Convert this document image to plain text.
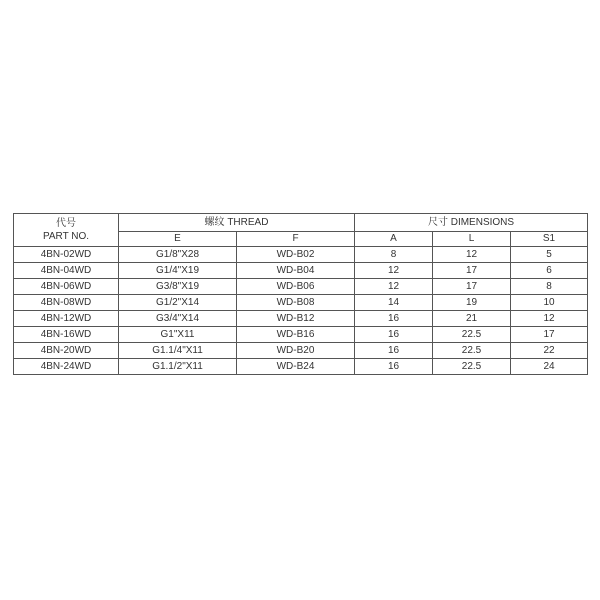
代号
PART NO.	螺纹 THREAD		尺寸 DIMENSIONS		
	E	F	A	L	S1
4BN-02WD	G1/8"X28	WD-B02	8	12	5
4BN-04WD	G1/4"X19	WD-B04	12	17	6
4BN-06WD	G3/8"X19	WD-B06	12	17	8
4BN-08WD	G1/2"X14	WD-B08	14	19	10
4BN-12WD	G3/4"X14	WD-B12	16	21	12
4BN-16WD	G1"X11	WD-B16	16	22.5	17
4BN-20WD	G1.1/4"X11	WD-B20	16	22.5	22
4BN-24WD	G1.1/2"X11	WD-B24	16	22.5	24
